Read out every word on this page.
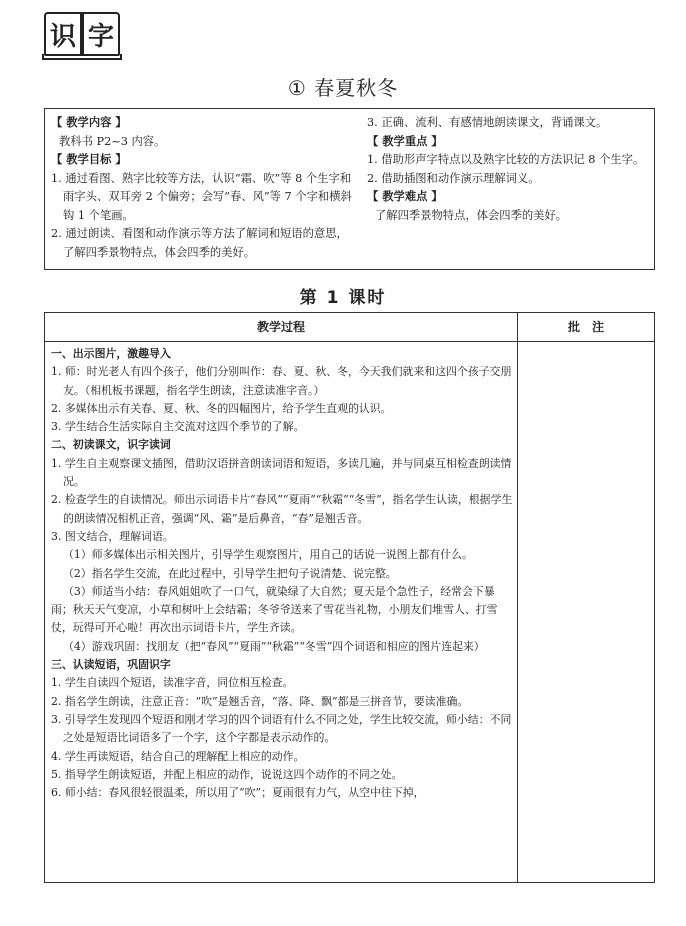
识 字
① 春夏秋冬
【 教学内容 】
教科书 P2~3 内容。
【 教学目标 】
1. 通过看图、熟字比较等方法，认识“霜、吹”等 8 个生字和雨字头、双耳旁 2 个偏旁；会写“春、风”等 7 个字和横斜钩 1 个笔画。
2. 通过朗读、看图和动作演示等方法了解词和短语的意思，了解四季景物特点，体会四季的美好。
3. 正确、流利、有感情地朗读课文，背诵课文。
【 教学重点 】
1. 借助形声字特点以及熟字比较的方法识记 8 个生字。
2. 借助插图和动作演示理解词义。
【 教学难点 】
了解四季景物特点，体会四季的美好。
第 1 课时
教学过程	批　注
一、出示图片，激趣导入
1. 师：时光老人有四个孩子，他们分别叫作：春、夏、秋、冬，今天我们就来和这四个孩子交朋友。（相机板书课题，指名学生朗读，注意读准字音。）
2. 多媒体出示有关春、夏、秋、冬的四幅图片，给予学生直观的认识。
3. 学生结合生活实际自主交流对这四个季节的了解。
二、初读课文，识字读词
1. 学生自主观察课文插图，借助汉语拼音朗读词语和短语，多读几遍，并与同桌互相检查朗读情况。
2. 检查学生的自读情况。师出示词语卡片“春风”“夏雨”“秋霜”“冬雪”，指名学生认读，根据学生的朗读情况相机正音，强调“风、霜”是后鼻音，“春”是翘舌音。
3. 图文结合，理解词语。
（1）师多媒体出示相关图片，引导学生观察图片，用自己的话说一说图上都有什么。
（2）指名学生交流，在此过程中，引导学生把句子说清楚、说完整。
（3）师适当小结：春风姐姐吹了一口气，就染绿了大自然；夏天是个急性子，经常会下暴雨；秋天天气变凉，小草和树叶上会结霜；冬爷爷送来了雪花当礼物，小朋友们堆雪人、打雪仗，玩得可开心啦！再次出示词语卡片，学生齐读。
（4）游戏巩固：找朋友（把“春风”“夏雨”“秋霜”“冬雪”四个词语和相应的图片连起来）
三、认读短语，巩固识字
1. 学生自读四个短语，读准字音，同位相互检查。
2. 指名学生朗读，注意正音：“吹”是翘舌音，“落、降、飘”都是三拼音节，要读准确。
3. 引导学生发现四个短语和刚才学习的四个词语有什么不同之处，学生比较交流，师小结：不同之处是短语比词语多了一个字，这个字都是表示动作的。
4. 学生再读短语，结合自己的理解配上相应的动作。
5. 指导学生朗读短语，并配上相应的动作，说说这四个动作的不同之处。
6. 师小结：春风很轻很温柔，所以用了“吹”；夏雨很有力气，从空中往下掉，
